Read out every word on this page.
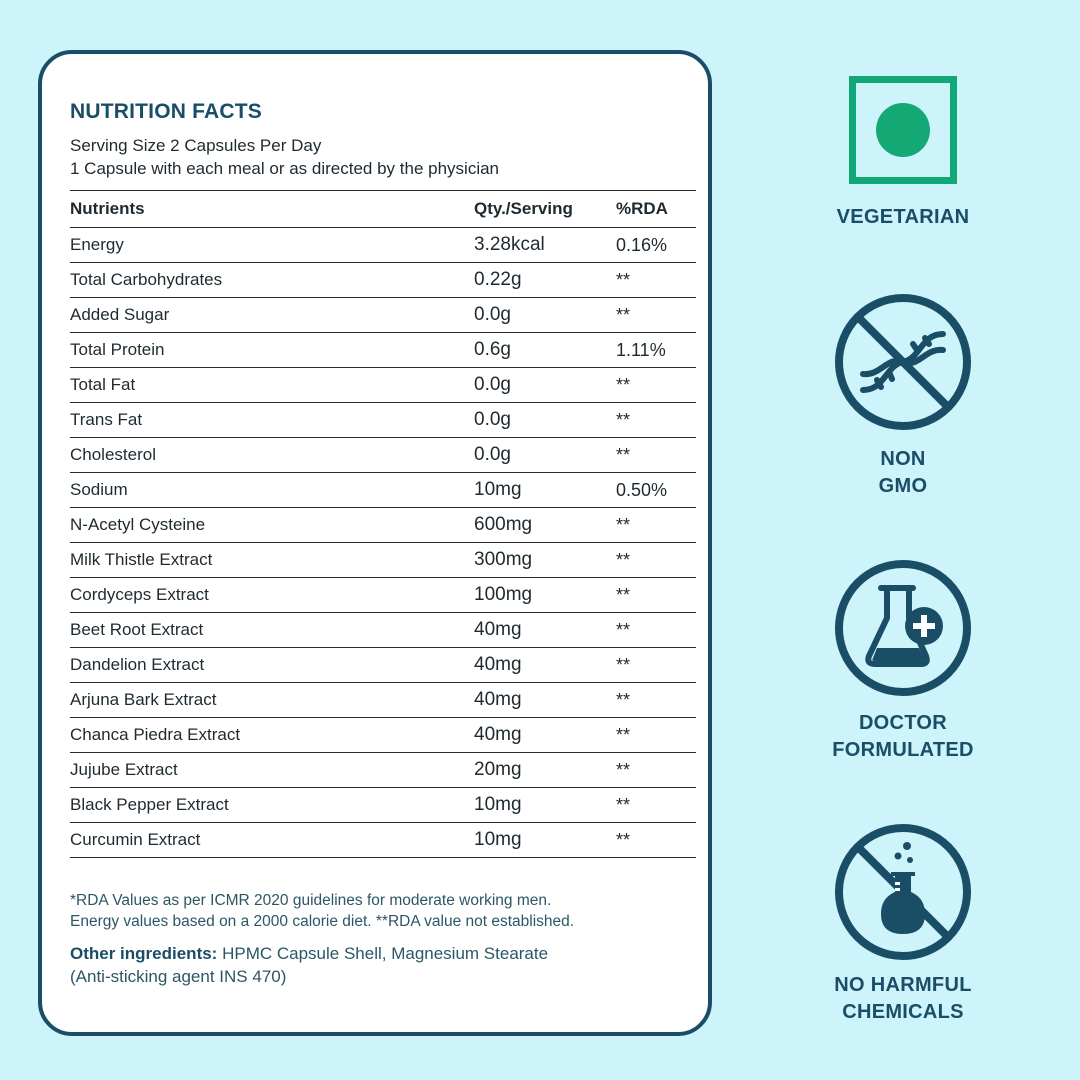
NUTRITION FACTS
Serving Size 2 Capsules Per Day
1 Capsule with each meal or as directed by the physician
Nutrients	Qty./Serving	%RDA
Energy	3.28kcal	0.16%
Total Carbohydrates	0.22g	**
Added Sugar	0.0g	**
Total Protein	0.6g	1.11%
Total Fat	0.0g	**
Trans Fat	0.0g	**
Cholesterol	0.0g	**
Sodium	10mg	0.50%
N-Acetyl Cysteine	600mg	**
Milk Thistle Extract	300mg	**
Cordyceps Extract	100mg	**
Beet Root Extract	40mg	**
Dandelion Extract	40mg	**
Arjuna Bark Extract	40mg	**
Chanca Piedra Extract	40mg	**
Jujube Extract	20mg	**
Black Pepper Extract	10mg	**
Curcumin Extract	10mg	**
*RDA Values as per ICMR 2020 guidelines for moderate working men.
Energy values based on a 2000 calorie diet. **RDA value not established.
Other ingredients: HPMC Capsule Shell, Magnesium Stearate
(Anti-sticking agent INS 470)
VEGETARIAN
NON
GMO
DOCTOR
FORMULATED
NO HARMFUL
CHEMICALS
